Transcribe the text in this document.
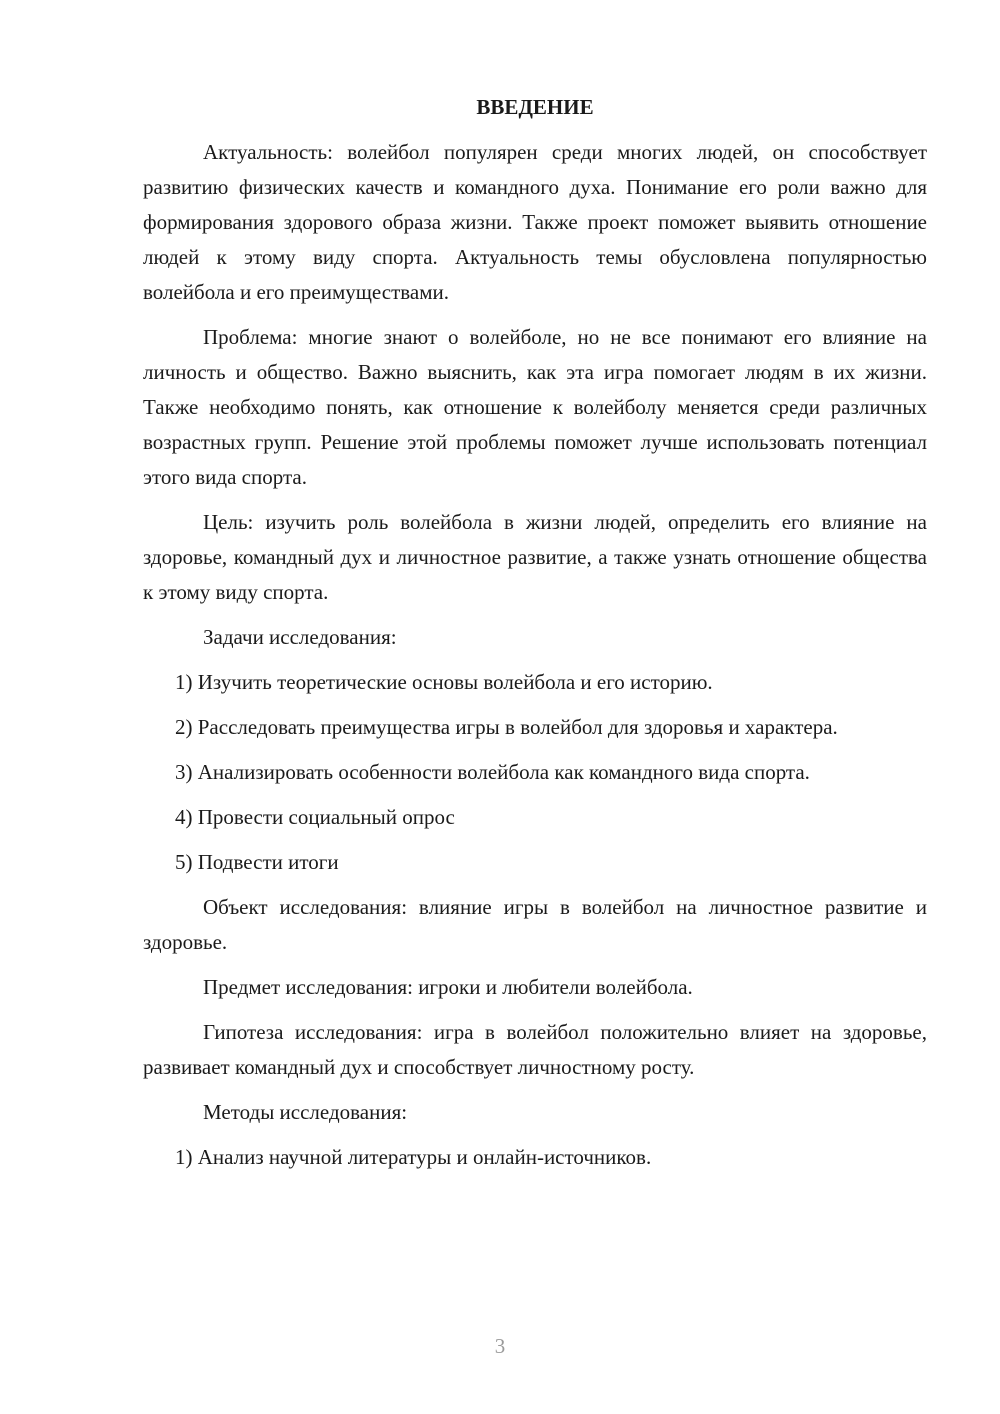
ВВЕДЕНИЕ

Актуальность: волейбол популярен среди многих людей, он способствует развитию физических качеств и командного духа. Понимание его роли важно для формирования здорового образа жизни. Также проект поможет выявить отношение людей к этому виду спорта. Актуальность темы обусловлена популярностью волейбола и его преимуществами.

Проблема: многие знают о волейболе, но не все понимают его влияние на личность и общество. Важно выяснить, как эта игра помогает людям в их жизни. Также необходимо понять, как отношение к волейболу меняется среди различных возрастных групп. Решение этой проблемы поможет лучше использовать потенциал этого вида спорта.

Цель: изучить роль волейбола в жизни людей, определить его влияние на здоровье, командный дух и личностное развитие, а также узнать отношение общества к этому виду спорта.

Задачи исследования:

1) Изучить теоретические основы волейбола и его историю.

2) Расследовать преимущества игры в волейбол для здоровья и характера.

3) Анализировать особенности волейбола как командного вида спорта.

4) Провести социальный опрос

5) Подвести итоги

Объект исследования: влияние игры в волейбол на личностное развитие и здоровье.

Предмет исследования: игроки и любители волейбола.

Гипотеза исследования: игра в волейбол положительно влияет на здоровье, развивает командный дух и способствует личностному росту.

Методы исследования:

1) Анализ научной литературы и онлайн-источников.

3
